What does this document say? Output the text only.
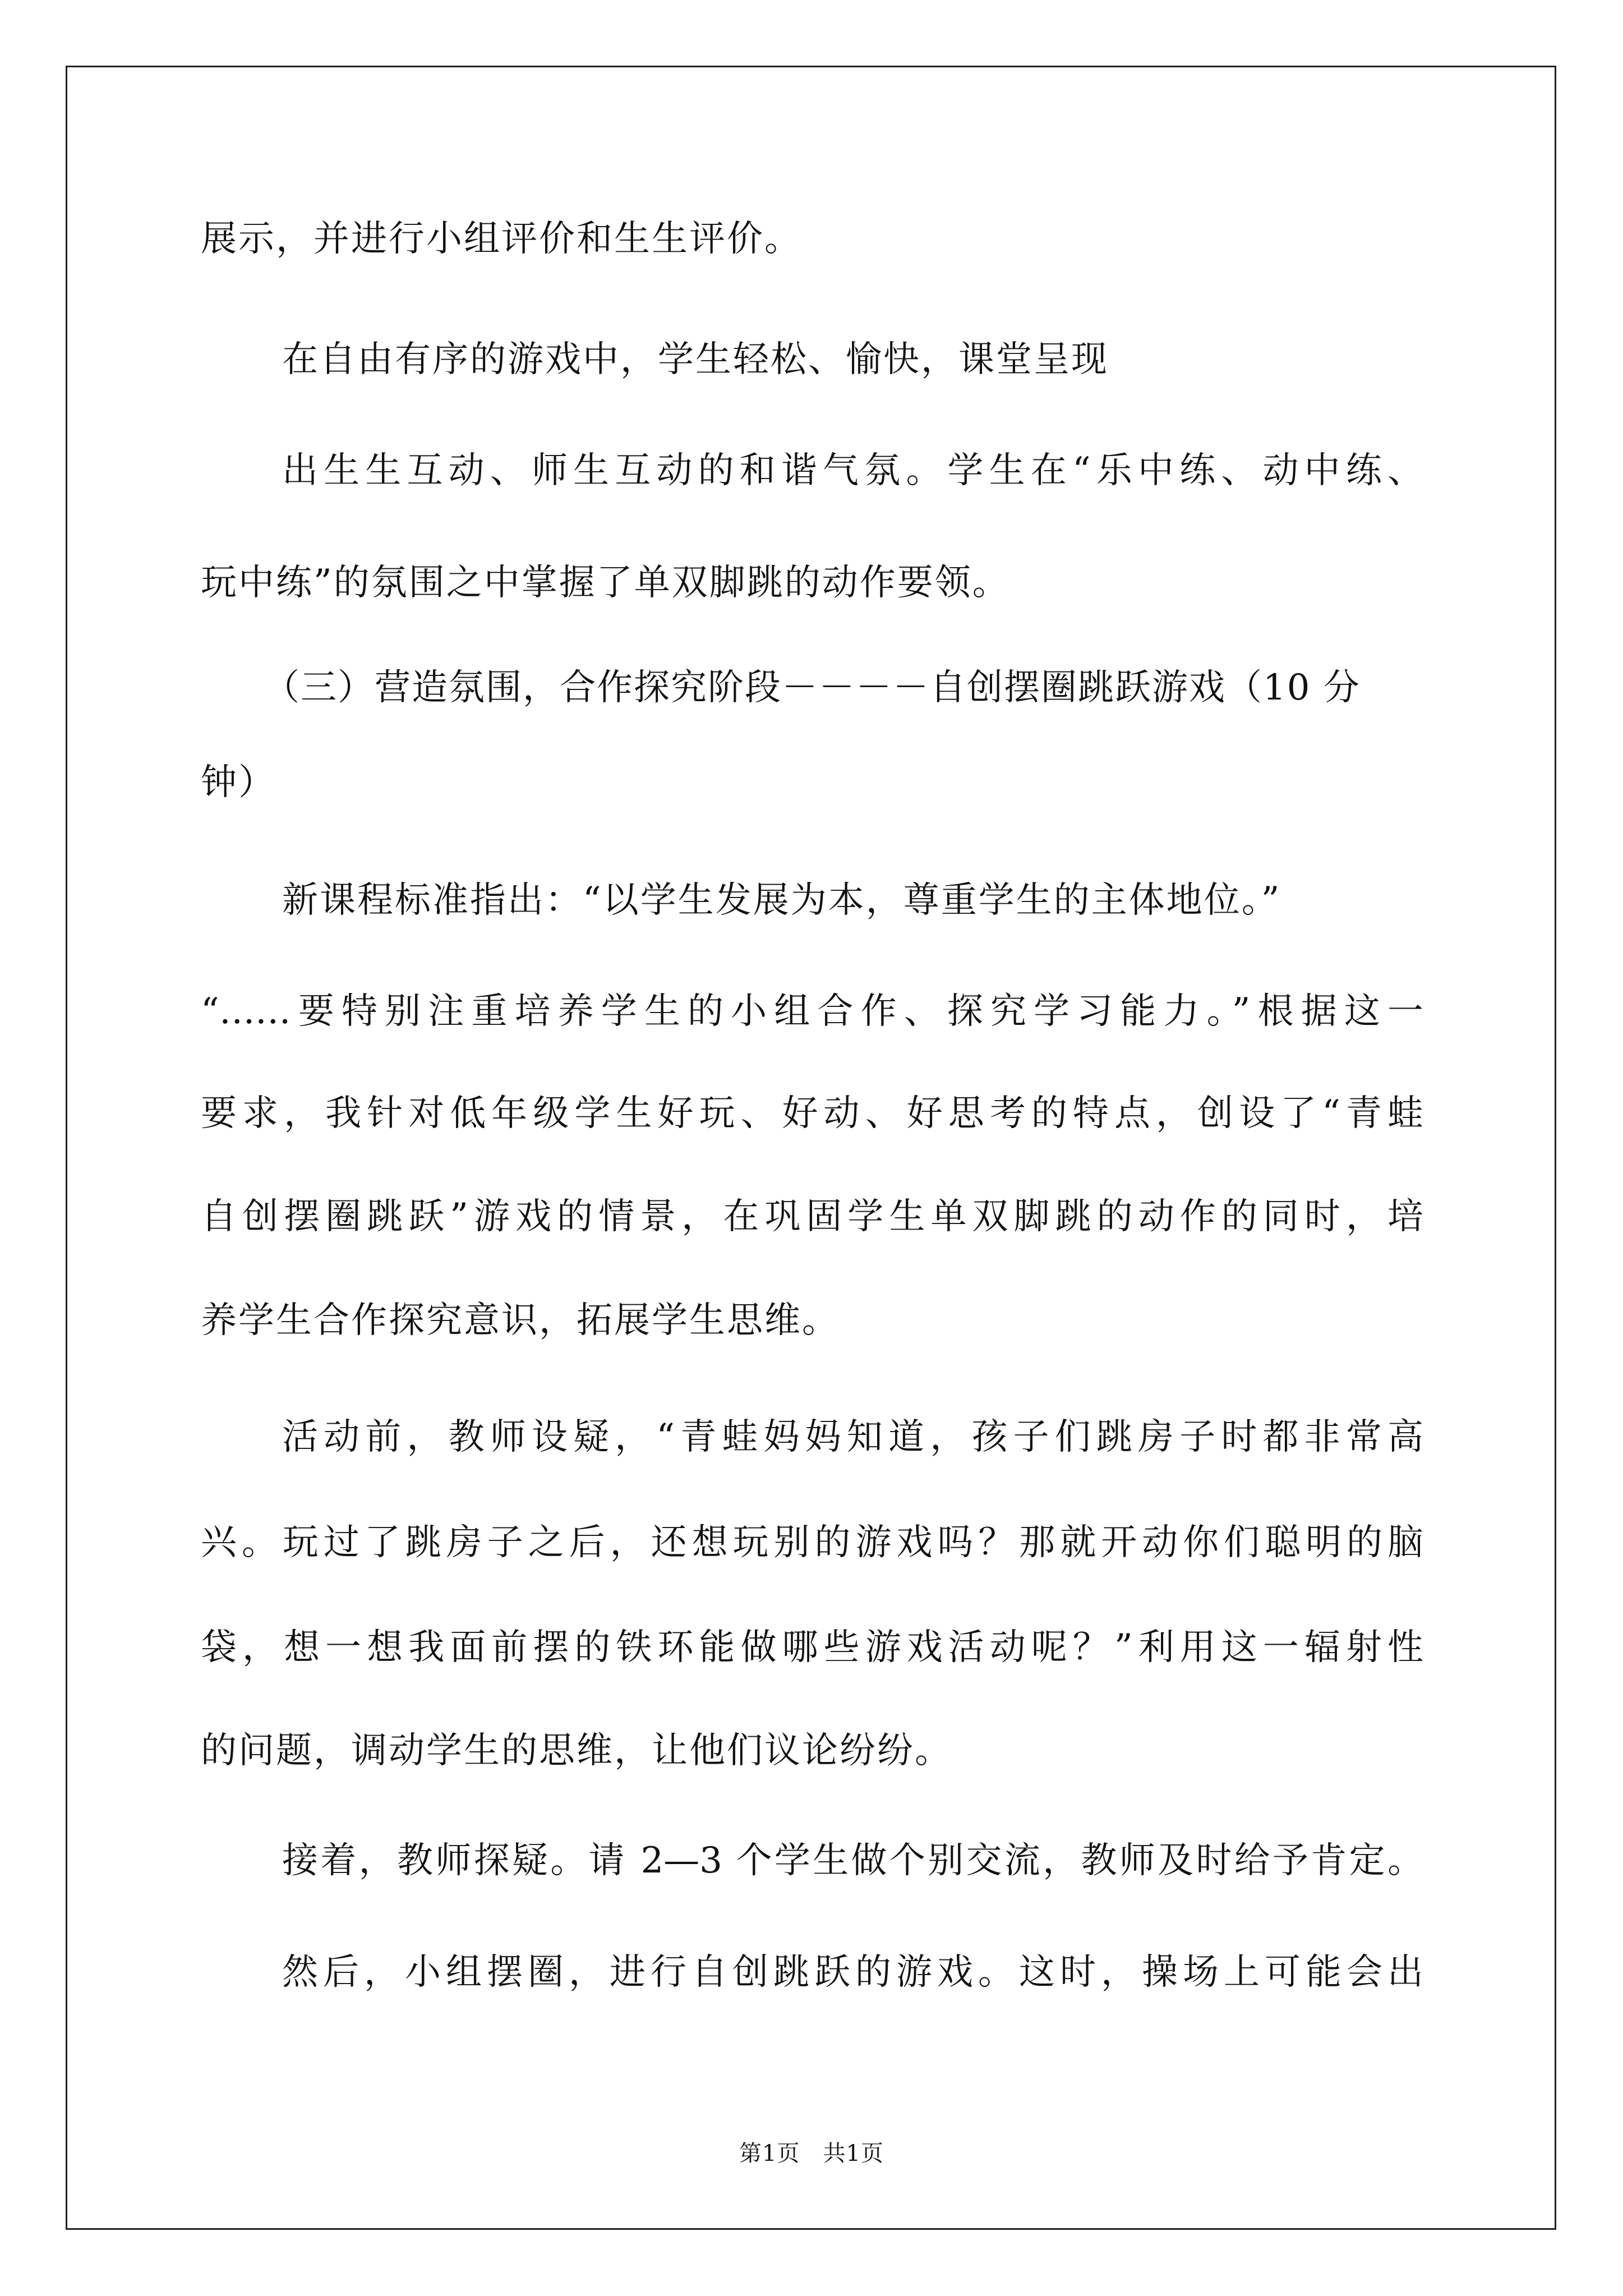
展示，并进行小组评价和生生评价。
在自由有序的游戏中，学生轻松、愉快，课堂呈现
出生生互动、师生互动的和谐气氛。学生在“乐中练、动中练、
玩中练”的氛围之中掌握了单双脚跳的动作要领。
（三）营造氛围，合作探究阶段－－－－自创摆圈跳跃游戏（10 分
钟）
新课程标准指出：“以学生发展为本，尊重学生的主体地位。”
“……要特别注重培养学生的小组合作、探究学习能力。”根据这一
要求，我针对低年级学生好玩、好动、好思考的特点，创设了“青蛙
自创摆圈跳跃”游戏的情景，在巩固学生单双脚跳的动作的同时，培
养学生合作探究意识，拓展学生思维。
活动前，教师设疑，“青蛙妈妈知道，孩子们跳房子时都非常高
兴。玩过了跳房子之后，还想玩别的游戏吗？那就开动你们聪明的脑
袋，想一想我面前摆的铁环能做哪些游戏活动呢？”利用这一辐射性
的问题，调动学生的思维，让他们议论纷纷。
接着，教师探疑。请 2—3 个学生做个别交流，教师及时给予肯定。
然后，小组摆圈，进行自创跳跃的游戏。这时，操场上可能会出
第1页　共1页
